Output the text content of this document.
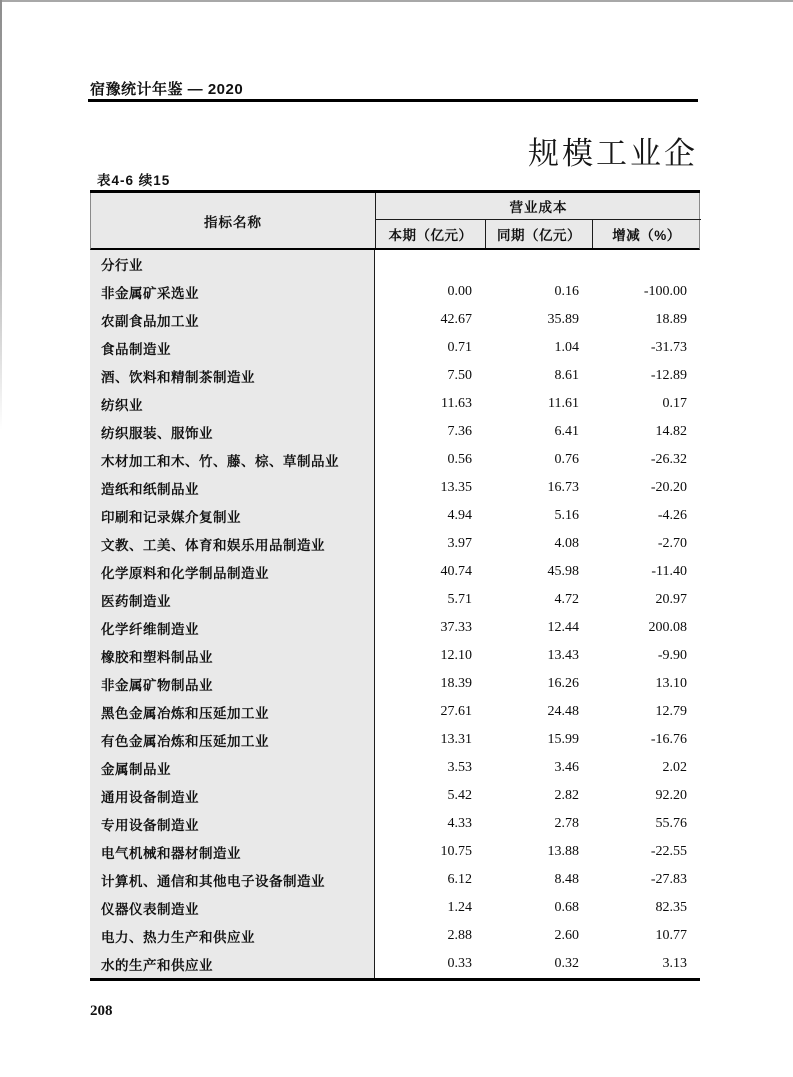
宿豫统计年鉴 — 2020
规模工业企
表4-6 续15
指标名称
营业成本
本期（亿元）	同期（亿元）	增减（%）
分行业
非金属矿采选业	0.00	0.16	-100.00
农副食品加工业	42.67	35.89	18.89
食品制造业	0.71	1.04	-31.73
酒、饮料和精制茶制造业	7.50	8.61	-12.89
纺织业	11.63	11.61	0.17
纺织服装、服饰业	7.36	6.41	14.82
木材加工和木、竹、藤、棕、草制品业	0.56	0.76	-26.32
造纸和纸制品业	13.35	16.73	-20.20
印刷和记录媒介复制业	4.94	5.16	-4.26
文教、工美、体育和娱乐用品制造业	3.97	4.08	-2.70
化学原料和化学制品制造业	40.74	45.98	-11.40
医药制造业	5.71	4.72	20.97
化学纤维制造业	37.33	12.44	200.08
橡胶和塑料制品业	12.10	13.43	-9.90
非金属矿物制品业	18.39	16.26	13.10
黑色金属冶炼和压延加工业	27.61	24.48	12.79
有色金属冶炼和压延加工业	13.31	15.99	-16.76
金属制品业	3.53	3.46	2.02
通用设备制造业	5.42	2.82	92.20
专用设备制造业	4.33	2.78	55.76
电气机械和器材制造业	10.75	13.88	-22.55
计算机、通信和其他电子设备制造业	6.12	8.48	-27.83
仪器仪表制造业	1.24	0.68	82.35
电力、热力生产和供应业	2.88	2.60	10.77
水的生产和供应业	0.33	0.32	3.13
208
